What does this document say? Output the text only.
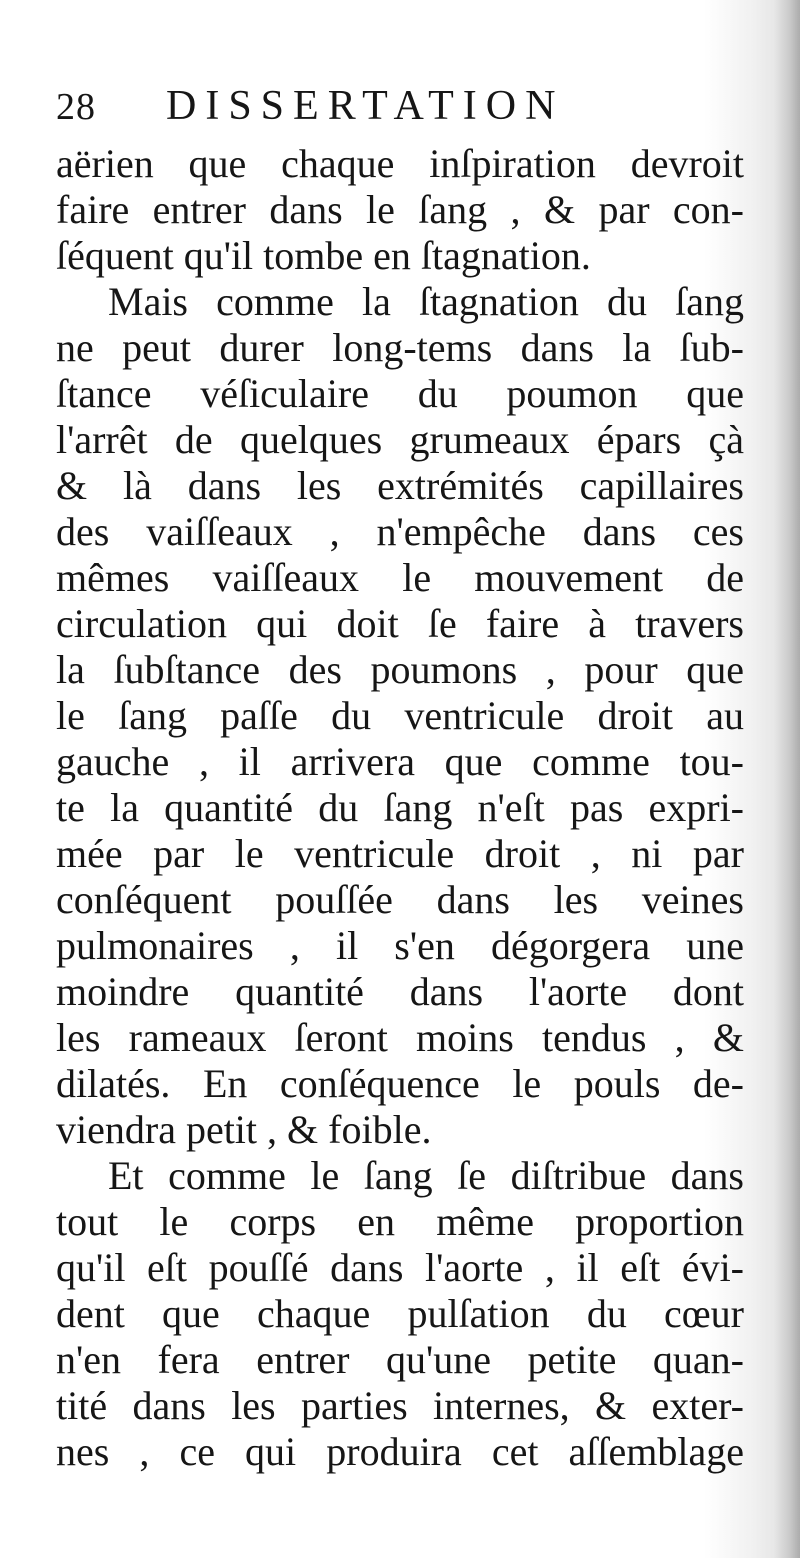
28 DISSERTATION
aërien que chaque inſpiration devroit
faire entrer dans le ſang , & par con-
ſéquent qu'il tombe en ſtagnation.
Mais comme la ſtagnation du ſang
ne peut durer long-tems dans la ſub-
ſtance véſiculaire du poumon que
l'arrêt de quelques grumeaux épars çà
& là dans les extrémités capillaires
des vaiſſeaux , n'empêche dans ces
mêmes vaiſſeaux le mouvement de
circulation qui doit ſe faire à travers
la ſubſtance des poumons , pour que
le ſang paſſe du ventricule droit au
gauche , il arrivera que comme tou-
te la quantité du ſang n'eſt pas expri-
mée par le ventricule droit , ni par
conſéquent pouſſée dans les veines
pulmonaires , il s'en dégorgera une
moindre quantité dans l'aorte dont
les rameaux ſeront moins tendus , &
dilatés. En conſéquence le pouls de-
viendra petit , & foible.
Et comme le ſang ſe diſtribue dans
tout le corps en même proportion
qu'il eſt pouſſé dans l'aorte , il eſt évi-
dent que chaque pulſation du cœur
n'en fera entrer qu'une petite quan-
tité dans les parties internes, & exter-
nes , ce qui produira cet aſſemblage
